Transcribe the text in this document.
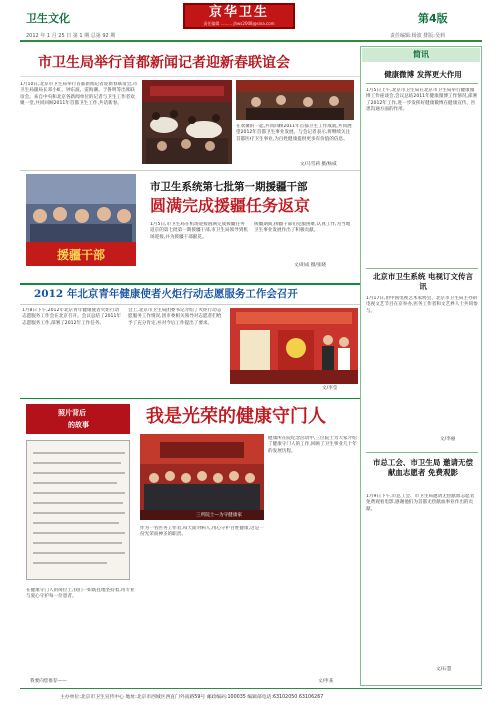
卫生文化	京华卫生
责任编辑 ......... jhws2008@sina.com	第4版
2012 年 1 月 25 日 第 1 期 总第 92 期	责任编辑:杨波 排版:吴莉
市卫生局举行首都新闻记者迎新春联谊会
1月10日,北京市卫生局举行首都新闻记者迎新春联谊会,市卫生局副局长邓小虹、钟东波、雷海潮、于鲁明等出席联谊会。来自中央和北京各新闻单位的记者与卫生工作者欢聚一堂,共同回顾2011年首都卫生工作,共话新春。
在欢聚的一起,共同回顾2011年首都卫生工作成就,共同展望2012年首都卫生事业发展。与会记者表示,将继续关注首都医疗卫生事业,为百姓健康提供更多有价值的信息。
文/马雪莉 摄/杨威
援疆干部
市卫生系统第七批第一期援疆干部
圆满完成援疆任务返京
1月5日,市卫生局在机场迎接圆满完成援疆任务返京的第七批第一期援疆干部,市卫生局领导到机场迎接,并为援疆干部献花。
援疆期间,援疆干部们克服困难,认真工作,为当地卫生事业发展作出了积极贡献。
文/胡成 摄/张晓
2012 年北京青年健康使者火炬行动志愿服务工作会召开
1月8日下午,2012年北京青年健康使者火炬行动志愿服务工作会在北京召开。会议总结了2011年志愿服务工作,部署了2012年工作任务。
会上,北京市卫生局团委书记介绍了火炬行动志愿服务工作情况,团市委相关领导对志愿者们给予了充分肯定,并对今后工作提出了要求。
文/李莹
照片背后
的故事	我是光荣的健康守门人
三所院士—为守健康家
健康所在院纪念活动中,三位院士为大家介绍了健康守门人的工作,回顾了卫生事业几十年的发展历程。
作为一名医务工作者,每天面对病人,用心守护百姓健康,这是一份光荣而神圣的职责。
在健康守门人的岗位上,我们一如既往地坚持着,用专业与爱心守护每一位患者。
我要向您推荐——	文/申某
简讯
健康微博 发挥更大作用
1月5日上午,北京市卫生局在北京市卫生局举行健康微博工作座谈会,会议总结2011年健康微博工作情况,部署了2012年工作,进一步发挥好健康微博在健康宣传、医患沟通方面的作用。
北京市卫生系统 电视订文传言讯
1月17日,由中国电视艺术家协会、北京市卫生局主办的电视文艺节目在京举办,医务工作者和文艺界人士共同参与。
文/李丽
市总工会、市卫生局 邀请无偿献血志愿者 免费观影
1月9日下午,市总工会、市卫生局邀请无偿献血志愿者免费观看电影,感谢他们为首都无偿献血事业作出的贡献。
文/石慧
主办单位:北京市卫生宣传中心 地址:北京市西城区西直门外南路59号 邮政编码:100035 编辑部电话:63102050 63106267
